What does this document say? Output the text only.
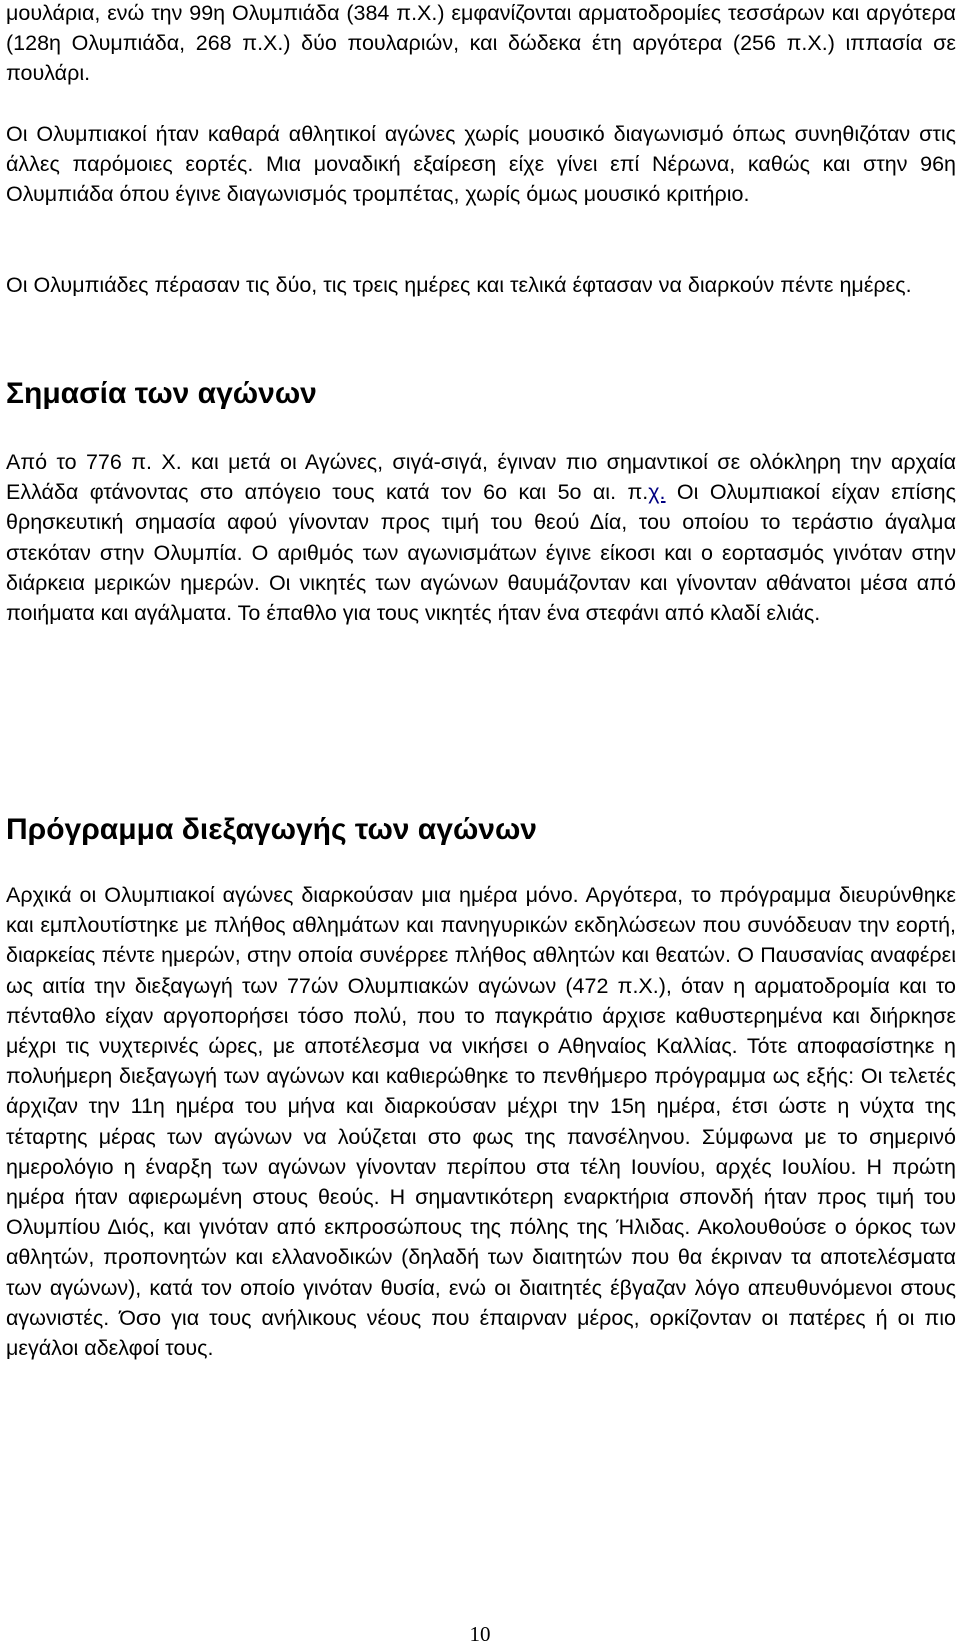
μουλάρια, ενώ την 99η Ολυμπιάδα (384 π.Χ.) εμφανίζονται αρματοδρομίες τεσσάρων και αργότερα (128η Ολυμπιάδα, 268 π.Χ.) δύο πουλαριών, και δώδεκα έτη αργότερα (256 π.Χ.) ιππασία σε πουλάρι.

Οι Ολυμπιακοί ήταν καθαρά αθλητικοί αγώνες χωρίς μουσικό διαγωνισμό όπως συνηθιζόταν στις άλλες παρόμοιες εορτές. Μια μοναδική εξαίρεση είχε γίνει επί Νέρωνα, καθώς και στην 96η Ολυμπιάδα όπου έγινε διαγωνισμός τρομπέτας, χωρίς όμως μουσικό κριτήριο.

Οι Ολυμπιάδες πέρασαν τις δύο, τις τρεις ημέρες και τελικά έφτασαν να διαρκούν πέντε ημέρες.

Σημασία των αγώνων

Από το 776 π. Χ. και μετά οι Αγώνες, σιγά-σιγά, έγιναν πιο σημαντικοί σε ολόκληρη την αρχαία Ελλάδα φτάνοντας στο απόγειο τους κατά τον 6ο και 5ο αι. π.χ. Οι Ολυμπιακοί είχαν επίσης θρησκευτική σημασία αφού γίνονταν προς τιμή του θεού Δία, του οποίου το τεράστιο άγαλμα στεκόταν στην Ολυμπία. Ο αριθμός των αγωνισμάτων έγινε είκοσι και ο εορτασμός γινόταν στην διάρκεια μερικών ημερών. Οι νικητές των αγώνων θαυμάζονταν και γίνονταν αθάνατοι μέσα από ποιήματα και αγάλματα. Το έπαθλο για τους νικητές ήταν ένα στεφάνι από κλαδί ελιάς.

Πρόγραμμα διεξαγωγής των αγώνων

Αρχικά οι Ολυμπιακοί αγώνες διαρκούσαν μια ημέρα μόνο. Αργότερα, το πρόγραμμα διευρύνθηκε και εμπλουτίστηκε με πλήθος αθλημάτων και πανηγυρικών εκδηλώσεων που συνόδευαν την εορτή, διαρκείας πέντε ημερών, στην οποία συνέρρεε πλήθος αθλητών και θεατών. Ο Παυσανίας αναφέρει ως αιτία την διεξαγωγή των 77ών Ολυμπιακών αγώνων (472 π.Χ.), όταν η αρματοδρομία και το πένταθλο είχαν αργοπορήσει τόσο πολύ, που το παγκράτιο άρχισε καθυστερημένα και διήρκησε μέχρι τις νυχτερινές ώρες, με αποτέλεσμα να νικήσει ο Αθηναίος Καλλίας. Τότε αποφασίστηκε η πολυήμερη διεξαγωγή των αγώνων και καθιερώθηκε το πενθήμερο πρόγραμμα ως εξής: Οι τελετές άρχιζαν την 11η ημέρα του μήνα και διαρκούσαν μέχρι την 15η ημέρα, έτσι ώστε η νύχτα της τέταρτης μέρας των αγώνων να λούζεται στο φως της πανσέληνου. Σύμφωνα με το σημερινό ημερολόγιο η έναρξη των αγώνων γίνονταν περίπου στα τέλη Ιουνίου, αρχές Ιουλίου. Η πρώτη ημέρα ήταν αφιερωμένη στους θεούς. Η σημαντικότερη εναρκτήρια σπονδή ήταν προς τιμή του Ολυμπίου Διός, και γινόταν από εκπροσώπους της πόλης της Ήλιδας. Ακολουθούσε ο όρκος των αθλητών, προπονητών και ελλανοδικών (δηλαδή των διαιτητών που θα έκριναν τα αποτελέσματα των αγώνων), κατά τον οποίο γινόταν θυσία, ενώ οι διαιτητές έβγαζαν λόγο απευθυνόμενοι στους αγωνιστές. Όσο για τους ανήλικους νέους που έπαιρναν μέρος, ορκίζονταν οι πατέρες ή οι πιο μεγάλοι αδελφοί τους.

10
